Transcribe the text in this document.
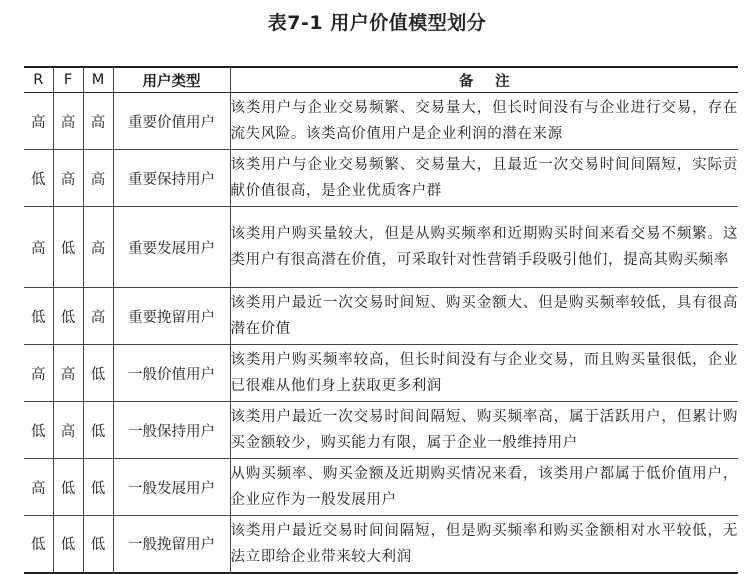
表7-1 用户价值模型划分
R	F	M	用户类型	备注
高	高	高	重要价值用户	该类用户与企业交易频繁、交易量大，但长时间没有与企业进行交易，存在流失风险。该类高价值用户是企业利润的潜在来源
低	高	高	重要保持用户	该类用户与企业交易频繁、交易量大，且最近一次交易时间间隔短，实际贡献价值很高，是企业优质客户群
高	低	高	重要发展用户	该类用户购买量较大，但是从购买频率和近期购买时间来看交易不频繁。这类用户有很高潜在价值，可采取针对性营销手段吸引他们，提高其购买频率
低	低	高	重要挽留用户	该类用户最近一次交易时间短、购买金额大、但是购买频率较低，具有很高潜在价值
高	高	低	一般价值用户	该类用户购买频率较高，但长时间没有与企业交易，而且购买量很低，企业已很难从他们身上获取更多利润
低	高	低	一般保持用户	该类用户最近一次交易时间间隔短、购买频率高，属于活跃用户，但累计购买金额较少，购买能力有限，属于企业一般维持用户
高	低	低	一般发展用户	从购买频率、购买金额及近期购买情况来看，该类用户都属于低价值用户，企业应作为一般发展用户
低	低	低	一般挽留用户	该类用户最近交易时间间隔短，但是购买频率和购买金额相对水平较低，无法立即给企业带来较大利润
